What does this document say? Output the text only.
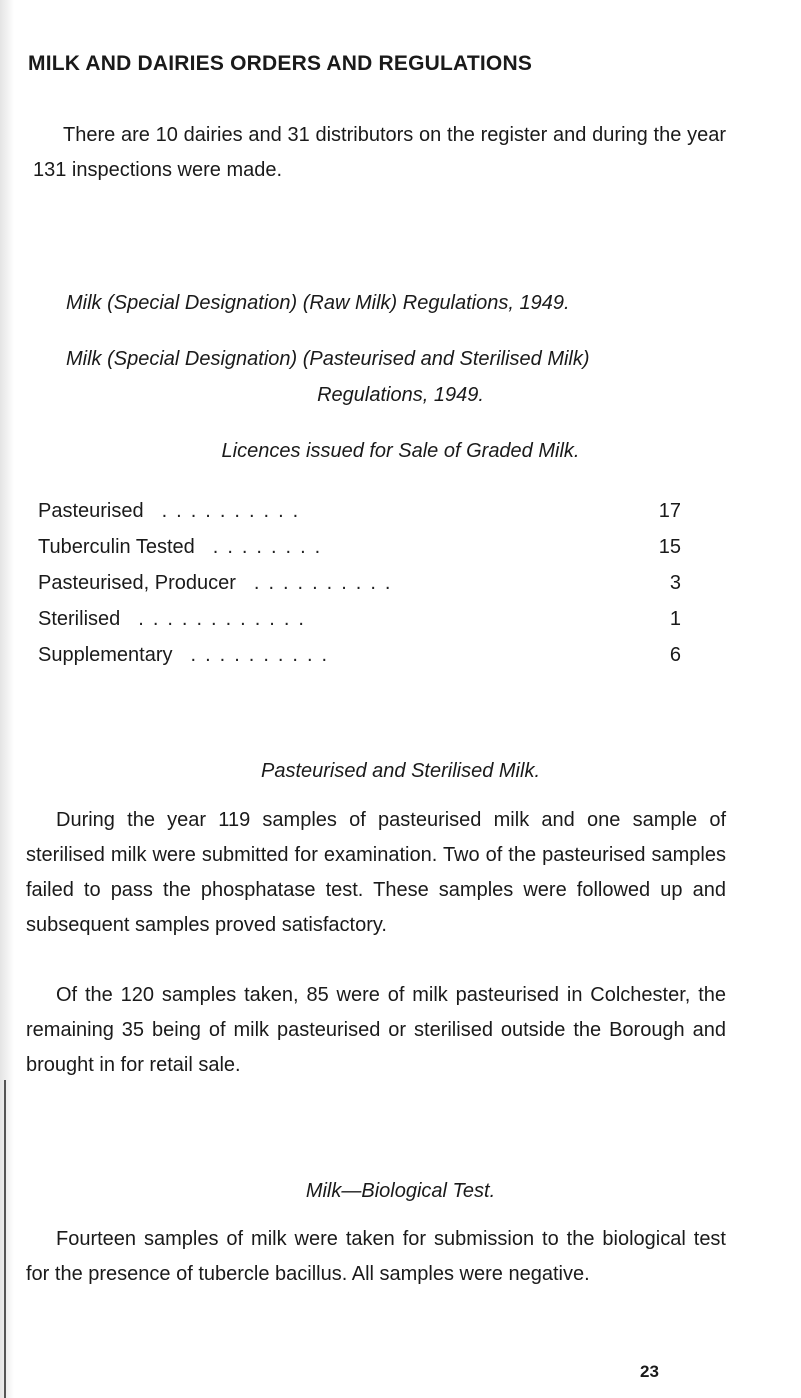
MILK AND DAIRIES ORDERS AND REGULATIONS

There are 10 dairies and 31 distributors on the register and during the year 131 inspections were made.

Milk (Special Designation) (Raw Milk) Regulations, 1949.

Milk (Special Designation) (Pasteurised and Sterilised Milk)

Regulations, 1949.

Licences issued for Sale of Graded Milk.

Pasteurised ..........	17
Tuberculin Tested ........	15
Pasteurised, Producer ..........	3
Sterilised ............	1
Supplementary ..........	6

Pasteurised and Sterilised Milk.

During the year 119 samples of pasteurised milk and one sample of sterilised milk were submitted for examination. Two of the pasteurised samples failed to pass the phosphatase test. These samples were followed up and subsequent samples proved satisfactory.

Of the 120 samples taken, 85 were of milk pasteurised in Colchester, the remaining 35 being of milk pasteurised or sterilised outside the Borough and brought in for retail sale.

Milk—Biological Test.

Fourteen samples of milk were taken for submission to the biological test for the presence of tubercle bacillus. All samples were negative.

23
